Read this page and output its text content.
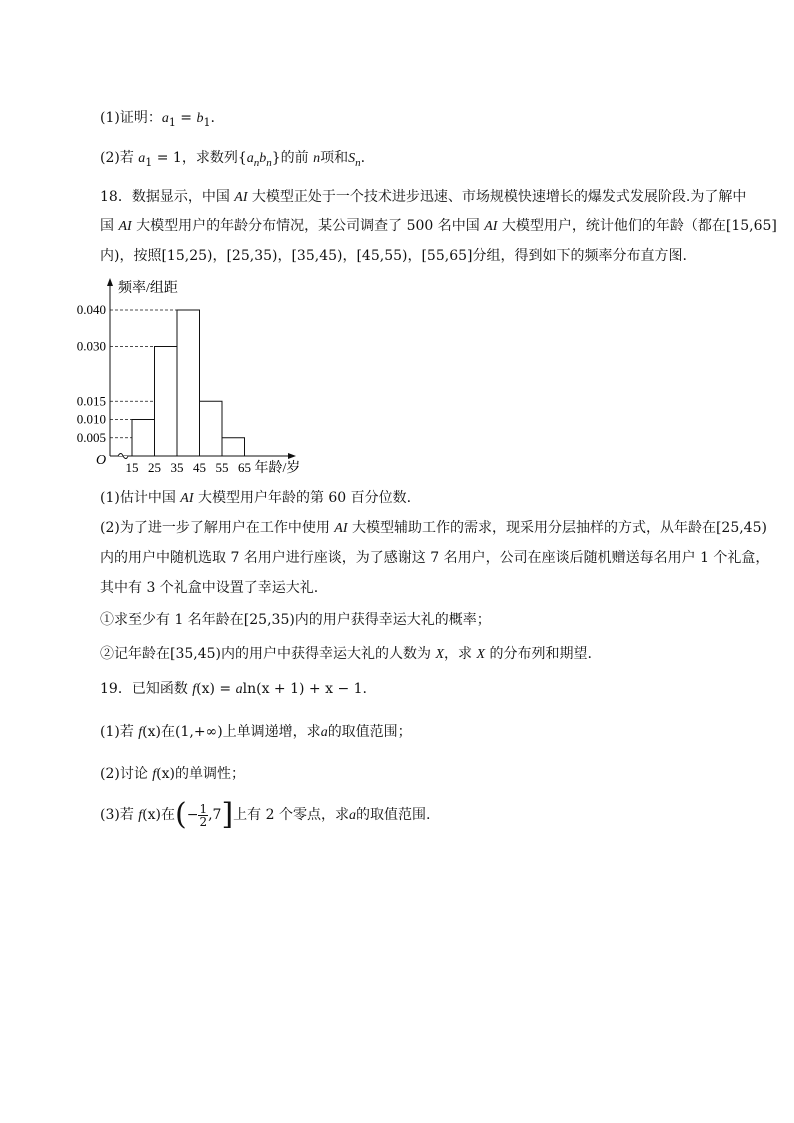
(1)证明：$a_1 = b_1$.
(2)若 $a_1 = 1$，求数列$\{a_nb_n\}$的前 n项和$S_n$.
18．数据显示，中国 AI 大模型正处于一个技术进步迅速、市场规模快速增长的爆发式发展阶段.为了解中
国 AI 大模型用户的年龄分布情况，某公司调查了 500 名中国 AI 大模型用户，统计他们的年龄（都在[15,65]
内)，按照[15,25)，[25,35)，[35,45)，[45,55)，[55,65]分组，得到如下的频率分布直方图.
频率/组距
O
0.040
0.030
0.015
0.010
0.005
15 25 35 45 55 65 年龄/岁
(1)估计中国 AI 大模型用户年龄的第 60 百分位数.
(2)为了进一步了解用户在工作中使用 AI 大模型辅助工作的需求，现采用分层抽样的方式，从年龄在[25,45)
内的用户中随机选取 7 名用户进行座谈，为了感谢这 7 名用户，公司在座谈后随机赠送每名用户 1 个礼盒，
其中有 3 个礼盒中设置了幸运大礼.
①求至少有 1 名年龄在[25,35)内的用户获得幸运大礼的概率；
②记年龄在[35,45)内的用户中获得幸运大礼的人数为 X，求 X 的分布列和期望.
19．已知函数 f(x) = aln(x + 1) + x − 1.
(1)若 f(x)在(1,+∞)上单调递增，求a的取值范围；
(2)讨论 f(x)的单调性；
(3)若 f(x)在(− $\frac{1}{2} ,7$]上有 2 个零点，求a的取值范围.
